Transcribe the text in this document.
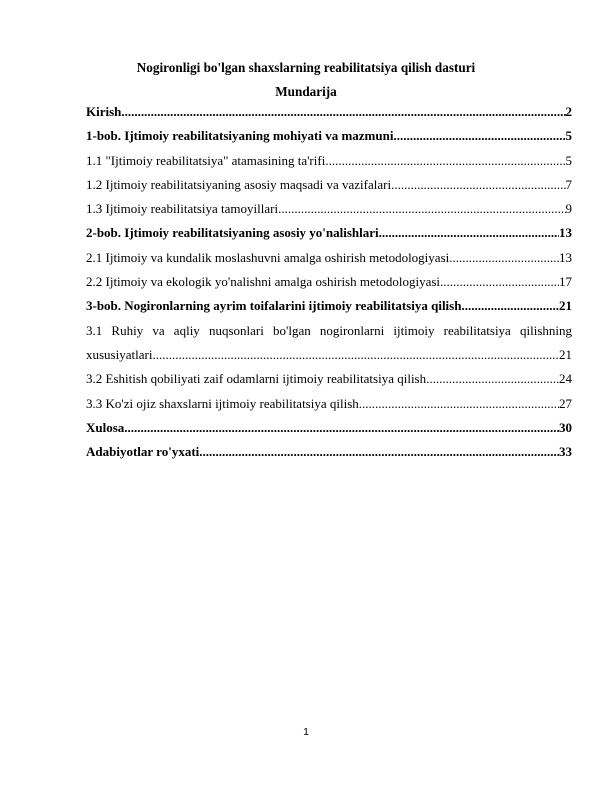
Nogironligi bo'lgan shaxslarning reabilitatsiya qilish dasturi
Mundarija
Kirish .....	2
1-bob. Ijtimoiy reabilitatsiyaning mohiyati va mazmuni .....	5
1.1 "Ijtimoiy reabilitatsiya" atamasining ta'rifi .....	5
1.2 Ijtimoiy reabilitatsiyaning asosiy maqsadi va vazifalari .....	7
1.3 Ijtimoiy reabilitatsiya tamoyillari .....	9
2-bob. Ijtimoiy reabilitatsiyaning asosiy yo'nalishlari .....	13
2.1 Ijtimoiy va kundalik moslashuvni amalga oshirish metodologiyasi .....	13
2.2 Ijtimoiy va ekologik yo'nalishni amalga oshirish metodologiyasi .....	17
3-bob. Nogironlarning ayrim toifalarini ijtimoiy reabilitatsiya qilish .....	21
3.1 Ruhiy va aqliy nuqsonlari bo'lgan nogironlarni ijtimoiy reabilitatsiya qilishning
xususiyatlari .....	21
3.2 Eshitish qobiliyati zaif odamlarni ijtimoiy reabilitatsiya qilish .....	24
3.3 Ko'zi ojiz shaxslarni ijtimoiy reabilitatsiya qilish .....	27
Xulosa .....	30
Adabiyotlar ro'yxati .....	33
1
